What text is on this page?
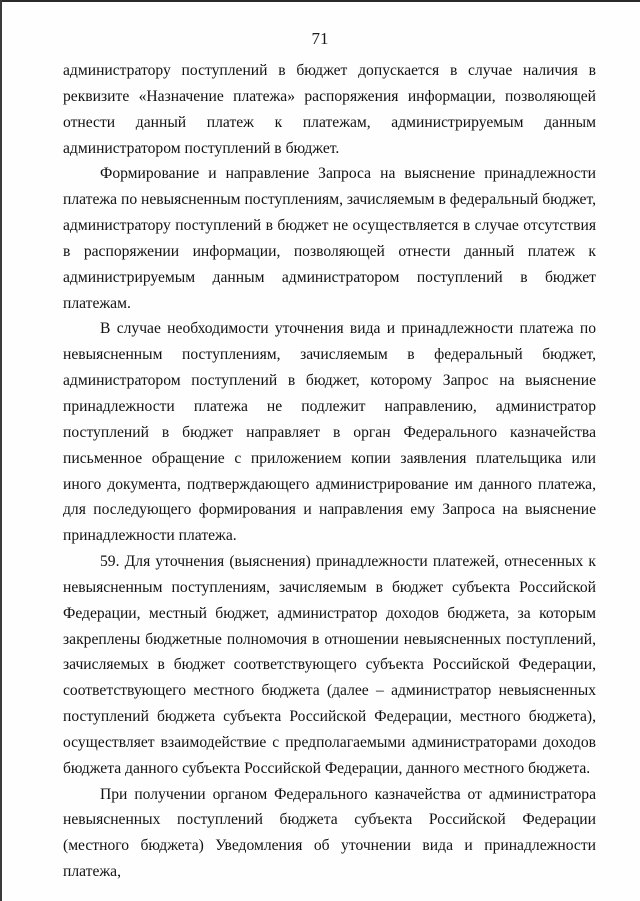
71

администратору поступлений в бюджет допускается в случае наличия в реквизите «Назначение платежа» распоряжения информации, позволяющей отнести данный платеж к платежам, администрируемым данным администратором поступлений в бюджет.

Формирование и направление Запроса на выяснение принадлежности платежа по невыясненным поступлениям, зачисляемым в федеральный бюджет, администратору поступлений в бюджет не осуществляется в случае отсутствия в распоряжении информации, позволяющей отнести данный платеж к администрируемым данным администратором поступлений в бюджет платежам.

В случае необходимости уточнения вида и принадлежности платежа по невыясненным поступлениям, зачисляемым в федеральный бюджет, администратором поступлений в бюджет, которому Запрос на выяснение принадлежности платежа не подлежит направлению, администратор поступлений в бюджет направляет в орган Федерального казначейства письменное обращение с приложением копии заявления плательщика или иного документа, подтверждающего администрирование им данного платежа, для последующего формирования и направления ему Запроса на выяснение принадлежности платежа.

59. Для уточнения (выяснения) принадлежности платежей, отнесенных к невыясненным поступлениям, зачисляемым в бюджет субъекта Российской Федерации, местный бюджет, администратор доходов бюджета, за которым закреплены бюджетные полномочия в отношении невыясненных поступлений, зачисляемых в бюджет соответствующего субъекта Российской Федерации, соответствующего местного бюджета (далее – администратор невыясненных поступлений бюджета субъекта Российской Федерации, местного бюджета), осуществляет взаимодействие с предполагаемыми администраторами доходов бюджета данного субъекта Российской Федерации, данного местного бюджета.

При получении органом Федерального казначейства от администратора невыясненных поступлений бюджета субъекта Российской Федерации (местного бюджета) Уведомления об уточнении вида и принадлежности платежа,
